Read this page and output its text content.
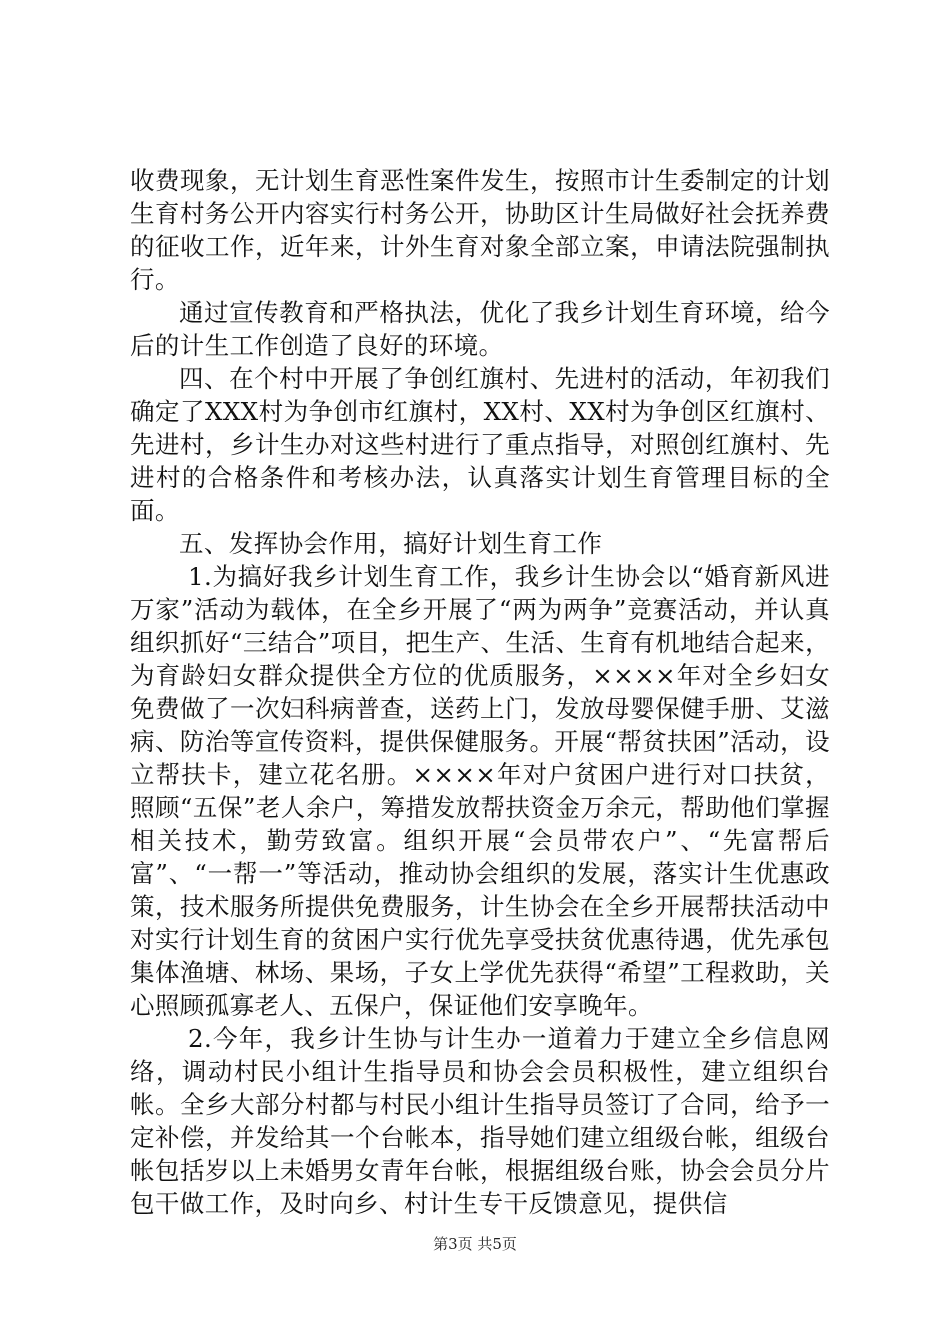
收费现象，无计划生育恶性案件发生，按照市计生委制定的计划生育村务公开内容实行村务公开，协助区计生局做好社会抚养费的征收工作，近年来，计外生育对象全部立案，申请法院强制执行。

通过宣传教育和严格执法，优化了我乡计划生育环境，给今后的计生工作创造了良好的环境。

四、在个村中开展了争创红旗村、先进村的活动，年初我们确定了XXX村为争创市红旗村，XX村、XX村为争创区红旗村、先进村，乡计生办对这些村进行了重点指导，对照创红旗村、先进村的合格条件和考核办法，认真落实计划生育管理目标的全面。

五、发挥协会作用，搞好计划生育工作

1.为搞好我乡计划生育工作，我乡计生协会以“婚育新风进万家”活动为载体，在全乡开展了“两为两争”竞赛活动，并认真组织抓好“三结合”项目，把生产、生活、生育有机地结合起来，为育龄妇女群众提供全方位的优质服务，××××年对全乡妇女免费做了一次妇科病普查，送药上门，发放母婴保健手册、艾滋病、防治等宣传资料，提供保健服务。开展“帮贫扶困”活动，设立帮扶卡，建立花名册。××××年对户贫困户进行对口扶贫，照顾“五保”老人余户，筹措发放帮扶资金万余元，帮助他们掌握相关技术，勤劳致富。组织开展“会员带农户”、“先富帮后富”、“一帮一”等活动，推动协会组织的发展，落实计生优惠政策，技术服务所提供免费服务，计生协会在全乡开展帮扶活动中对实行计划生育的贫困户实行优先享受扶贫优惠待遇，优先承包集体渔塘、林场、果场，子女上学优先获得“希望”工程救助，关心照顾孤寡老人、五保户，保证他们安享晚年。

2.今年，我乡计生协与计生办一道着力于建立全乡信息网络，调动村民小组计生指导员和协会会员积极性，建立组织台帐。全乡大部分村都与村民小组计生指导员签订了合同，给予一定补偿，并发给其一个台帐本，指导她们建立组级台帐，组级台帐包括岁以上未婚男女青年台帐，根据组级台账，协会会员分片包干做工作，及时向乡、村计生专干反馈意见，提供信

第3页 共5页
